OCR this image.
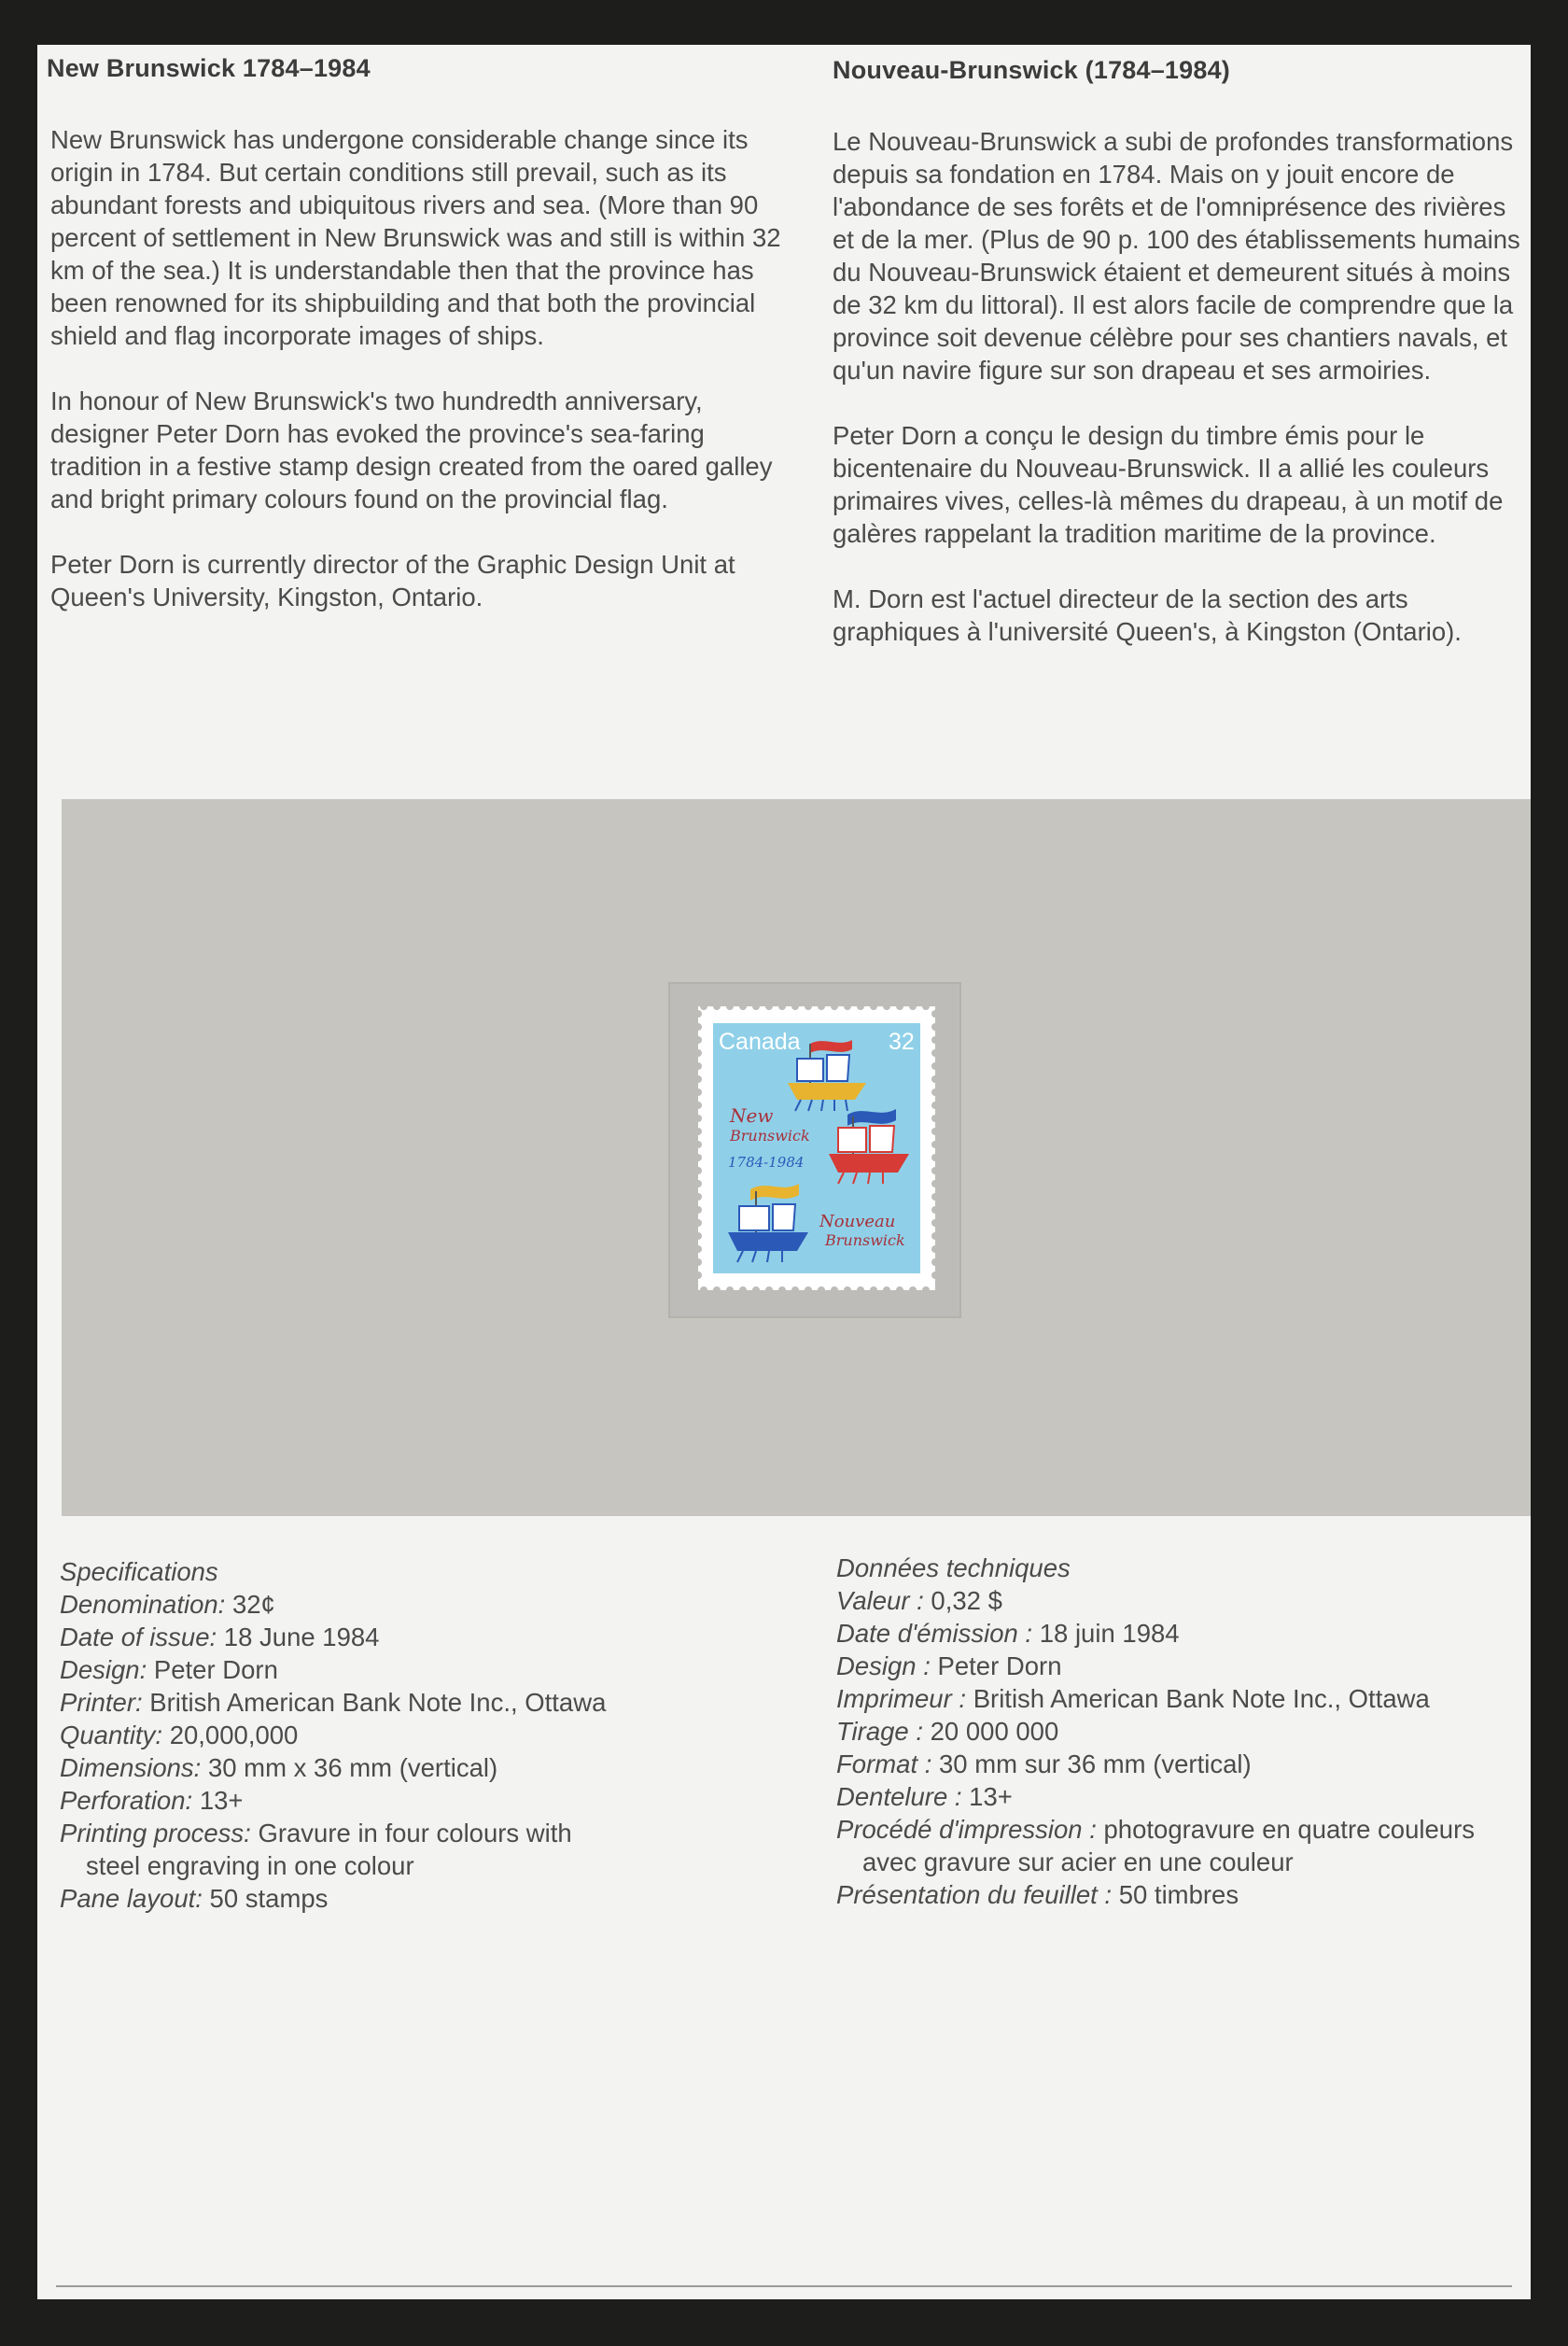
New Brunswick 1784–1984	Nouveau-Brunswick (1784–1984)

New Brunswick has undergone considerable change since its origin in 1784. But certain conditions still prevail, such as its abundant forests and ubiquitous rivers and sea. (More than 90 percent of settlement in New Brunswick was and still is within 32 km of the sea.) It is understandable then that the province has been renowned for its shipbuilding and that both the provincial shield and flag incorporate images of ships.

In honour of New Brunswick's two hundredth anniversary, designer Peter Dorn has evoked the province's sea-faring tradition in a festive stamp design created from the oared galley and bright primary colours found on the provincial flag.

Peter Dorn is currently director of the Graphic Design Unit at Queen's University, Kingston, Ontario.

Le Nouveau-Brunswick a subi de profondes transformations depuis sa fondation en 1784. Mais on y jouit encore de l'abondance de ses forêts et de l'omniprésence des rivières et de la mer. (Plus de 90 p. 100 des établissements humains du Nouveau-Brunswick étaient et demeurent situés à moins de 32 km du littoral). Il est alors facile de comprendre que la province soit devenue célèbre pour ses chantiers navals, et qu'un navire figure sur son drapeau et ses armoiries.

Peter Dorn a conçu le design du timbre émis pour le bicentenaire du Nouveau-Brunswick. Il a allié les couleurs primaires vives, celles-là mêmes du drapeau, à un motif de galères rappelant la tradition maritime de la province.

M. Dorn est l'actuel directeur de la section des arts graphiques à l'université Queen's, à Kingston (Ontario).

Canada	32
New
Brunswick
1784-1984
Nouveau
Brunswick
Specifications
Denomination: 32¢
Date of issue: 18 June 1984
Design: Peter Dorn
Printer: British American Bank Note Inc., Ottawa
Quantity: 20,000,000
Dimensions: 30 mm x 36 mm (vertical)
Perforation: 13+
Printing process: Gravure in four colours with
steel engraving in one colour
Pane layout: 50 stamps
Données techniques
Valeur : 0,32 $
Date d'émission : 18 juin 1984
Design : Peter Dorn
Imprimeur : British American Bank Note Inc., Ottawa
Tirage : 20 000 000
Format : 30 mm sur 36 mm (vertical)
Dentelure : 13+
Procédé d'impression : photogravure en quatre couleurs
avec gravure sur acier en une couleur
Présentation du feuillet : 50 timbres
